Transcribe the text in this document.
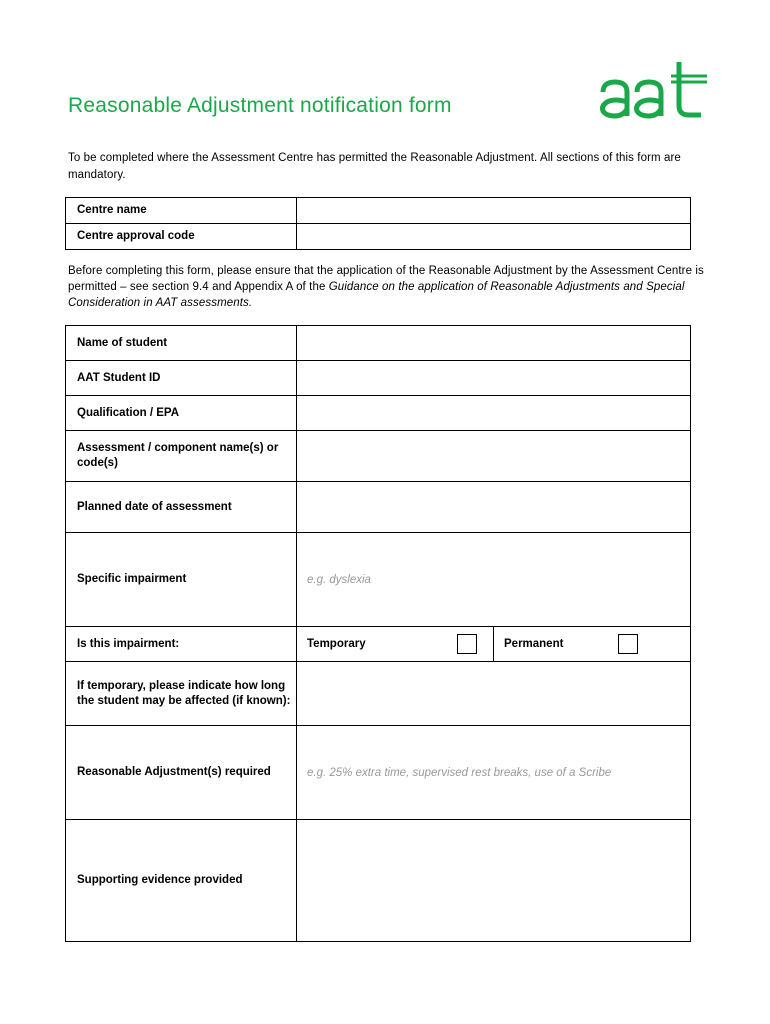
Reasonable Adjustment notification form
To be completed where the Assessment Centre has permitted the Reasonable Adjustment. All sections of this form are mandatory.
Centre name	
Centre approval code	
Before completing this form, please ensure that the application of the Reasonable Adjustment by the Assessment Centre is permitted – see section 9.4 and Appendix A of the Guidance on the application of Reasonable Adjustments and Special Consideration in AAT assessments.
Name of student	
AAT Student ID	
Qualification / EPA	
Assessment / component name(s) or code(s)	
Planned date of assessment	
Specific impairment	e.g. dyslexia
Is this impairment:	Temporary Permanent

If temporary, please indicate how long the student may be affected (if known):	
Reasonable Adjustment(s) required	e.g. 25% extra time, supervised rest breaks, use of a Scribe
Supporting evidence provided	
